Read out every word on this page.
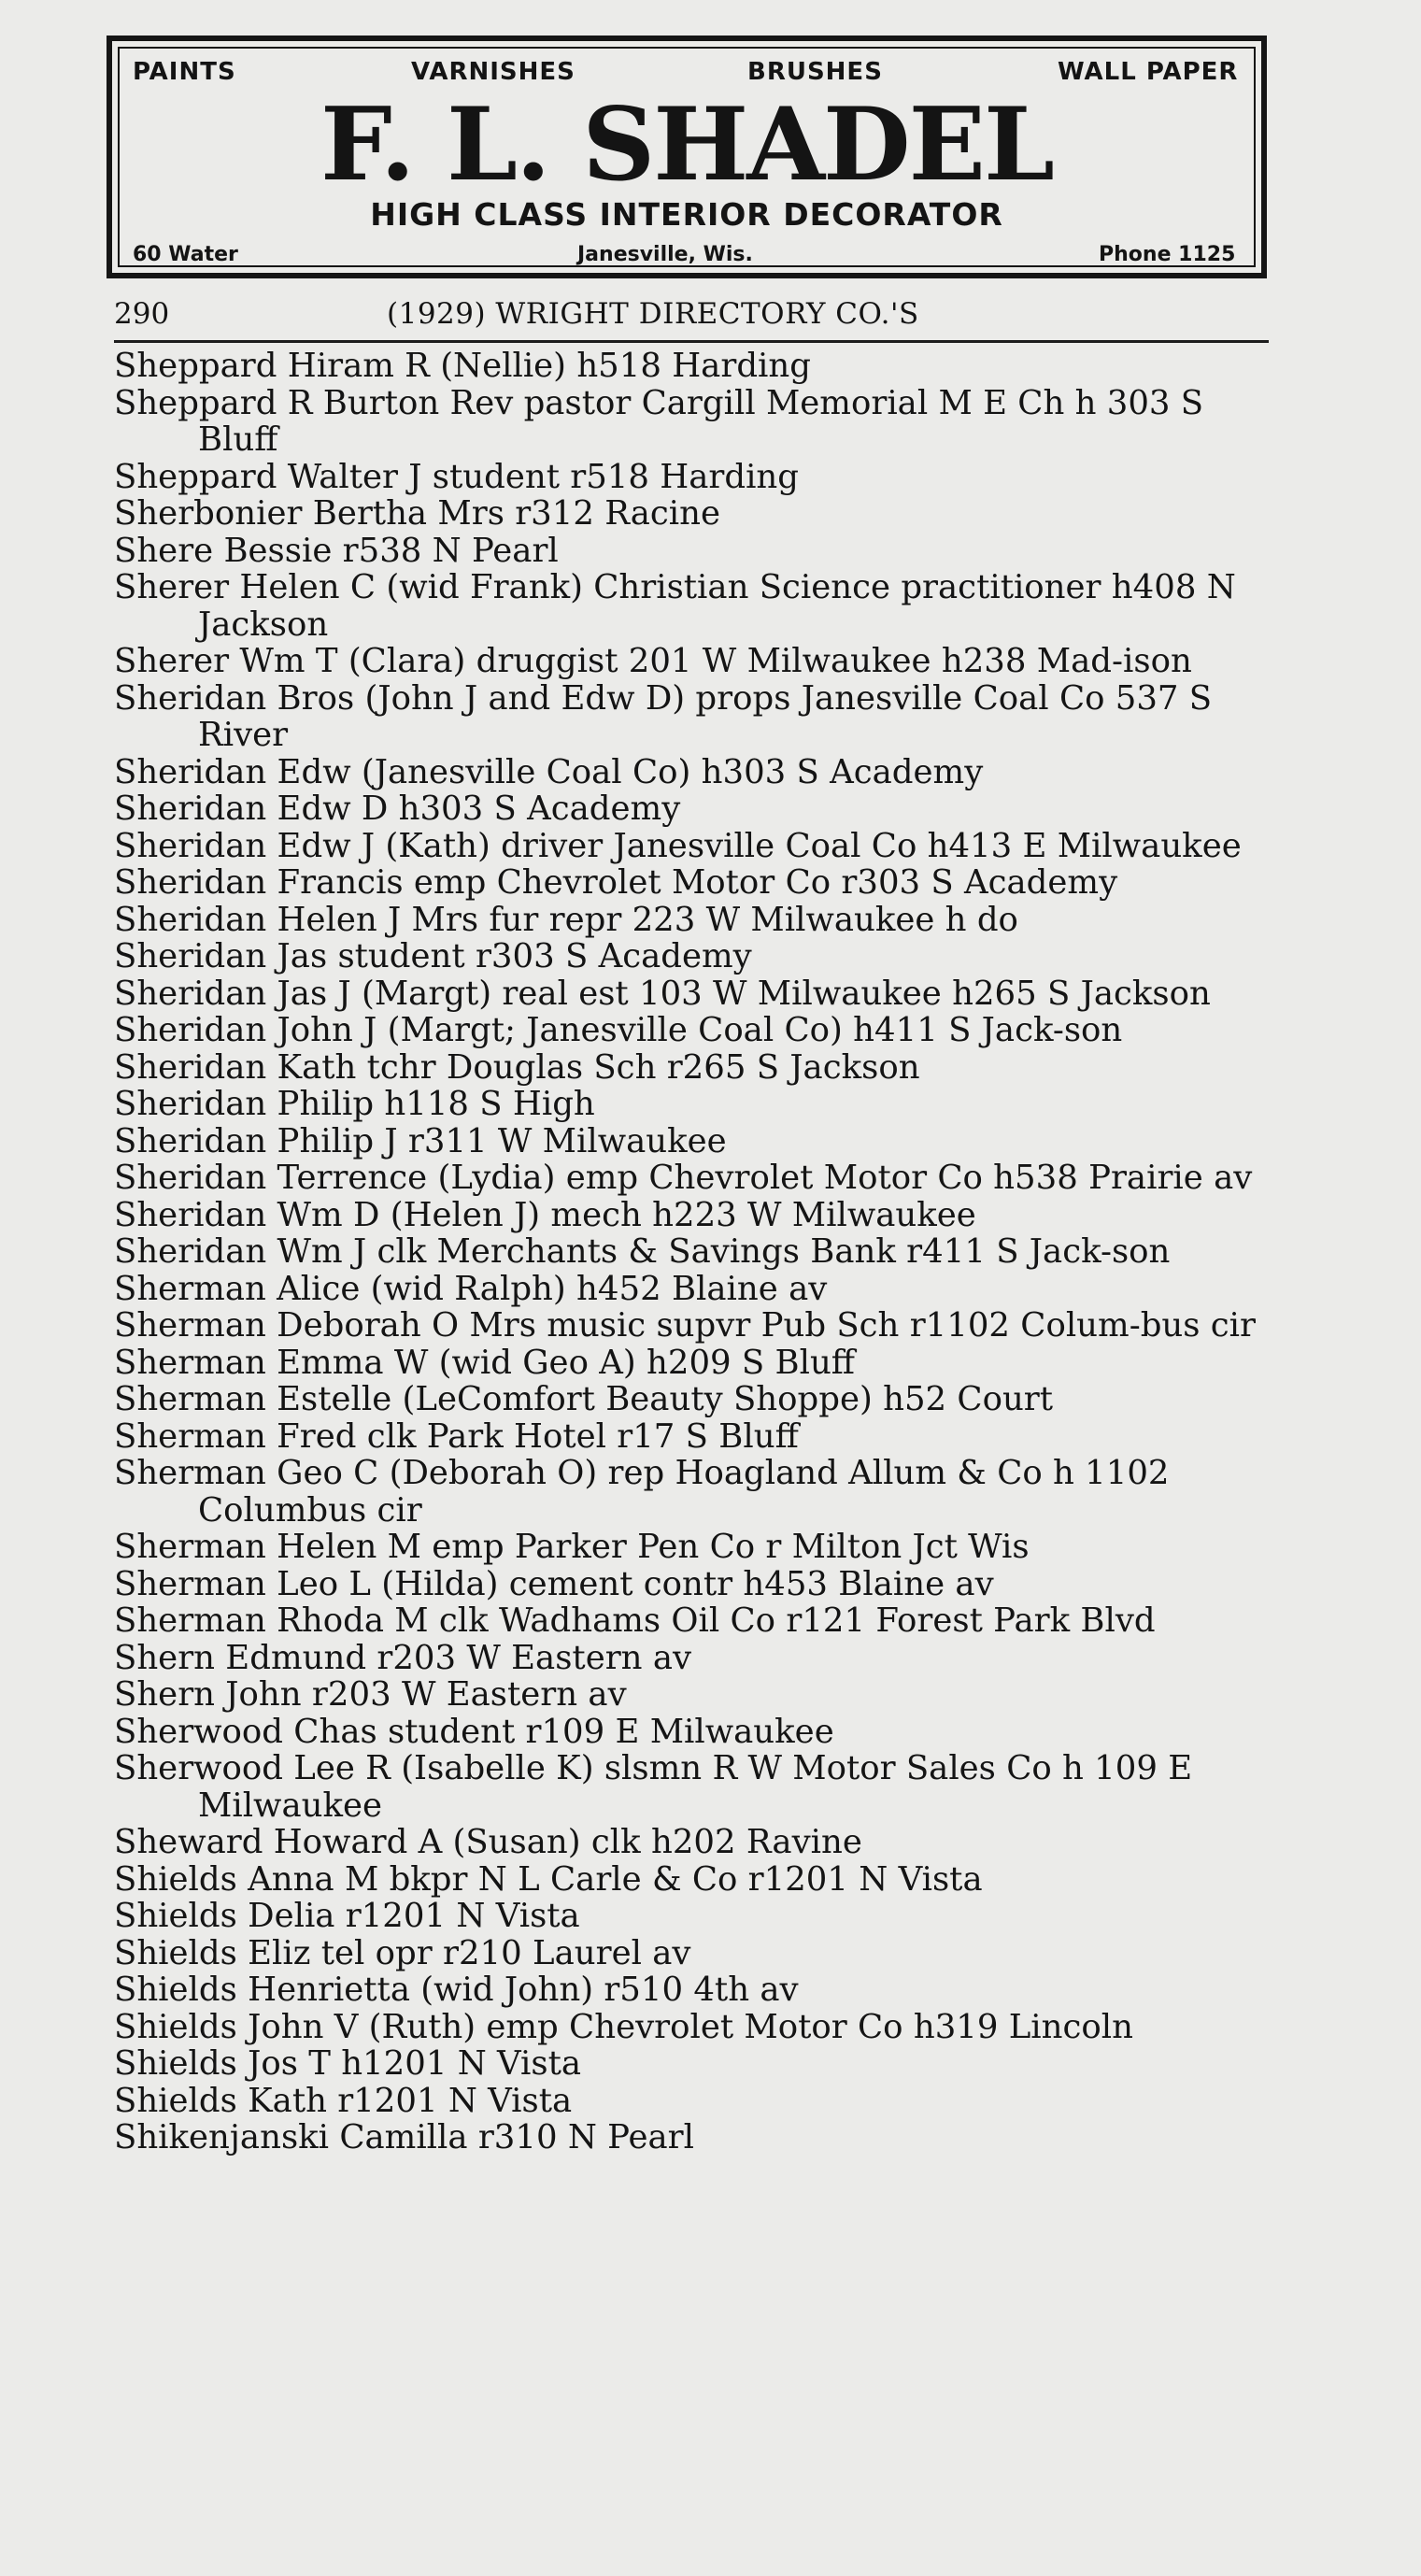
PAINTS	VARNISHES	BRUSHES	WALL PAPER
F. L. SHADEL
HIGH CLASS INTERIOR DECORATOR
60 Water	Janesville, Wis.	Phone 1125
290	(1929) WRIGHT DIRECTORY CO.'S
Sheppard Hiram R (Nellie) h518 Harding
Sheppard R Burton Rev pastor Cargill Memorial M E Ch h 303 S Bluff
Sheppard Walter J student r518 Harding
Sherbonier Bertha Mrs r312 Racine
Shere Bessie r538 N Pearl
Sherer Helen C (wid Frank) Christian Science practitioner h408 N Jackson
Sherer Wm T (Clara) druggist 201 W Milwaukee h238 Mad-ison
Sheridan Bros (John J and Edw D) props Janesville Coal Co 537 S River
Sheridan Edw (Janesville Coal Co) h303 S Academy
Sheridan Edw D h303 S Academy
Sheridan Edw J (Kath) driver Janesville Coal Co h413 E Milwaukee
Sheridan Francis emp Chevrolet Motor Co r303 S Academy
Sheridan Helen J Mrs fur repr 223 W Milwaukee h do
Sheridan Jas student r303 S Academy
Sheridan Jas J (Margt) real est 103 W Milwaukee h265 S Jackson
Sheridan John J (Margt; Janesville Coal Co) h411 S Jack-son
Sheridan Kath tchr Douglas Sch r265 S Jackson
Sheridan Philip h118 S High
Sheridan Philip J r311 W Milwaukee
Sheridan Terrence (Lydia) emp Chevrolet Motor Co h538 Prairie av
Sheridan Wm D (Helen J) mech h223 W Milwaukee
Sheridan Wm J clk Merchants & Savings Bank r411 S Jack-son
Sherman Alice (wid Ralph) h452 Blaine av
Sherman Deborah O Mrs music supvr Pub Sch r1102 Colum-bus cir
Sherman Emma W (wid Geo A) h209 S Bluff
Sherman Estelle (LeComfort Beauty Shoppe) h52 Court
Sherman Fred clk Park Hotel r17 S Bluff
Sherman Geo C (Deborah O) rep Hoagland Allum & Co h 1102 Columbus cir
Sherman Helen M emp Parker Pen Co r Milton Jct Wis
Sherman Leo L (Hilda) cement contr h453 Blaine av
Sherman Rhoda M clk Wadhams Oil Co r121 Forest Park Blvd
Shern Edmund r203 W Eastern av
Shern John r203 W Eastern av
Sherwood Chas student r109 E Milwaukee
Sherwood Lee R (Isabelle K) slsmn R W Motor Sales Co h 109 E Milwaukee
Sheward Howard A (Susan) clk h202 Ravine
Shields Anna M bkpr N L Carle & Co r1201 N Vista
Shields Delia r1201 N Vista
Shields Eliz tel opr r210 Laurel av
Shields Henrietta (wid John) r510 4th av
Shields John V (Ruth) emp Chevrolet Motor Co h319 Lincoln
Shields Jos T h1201 N Vista
Shields Kath r1201 N Vista
Shikenjanski Camilla r310 N Pearl
